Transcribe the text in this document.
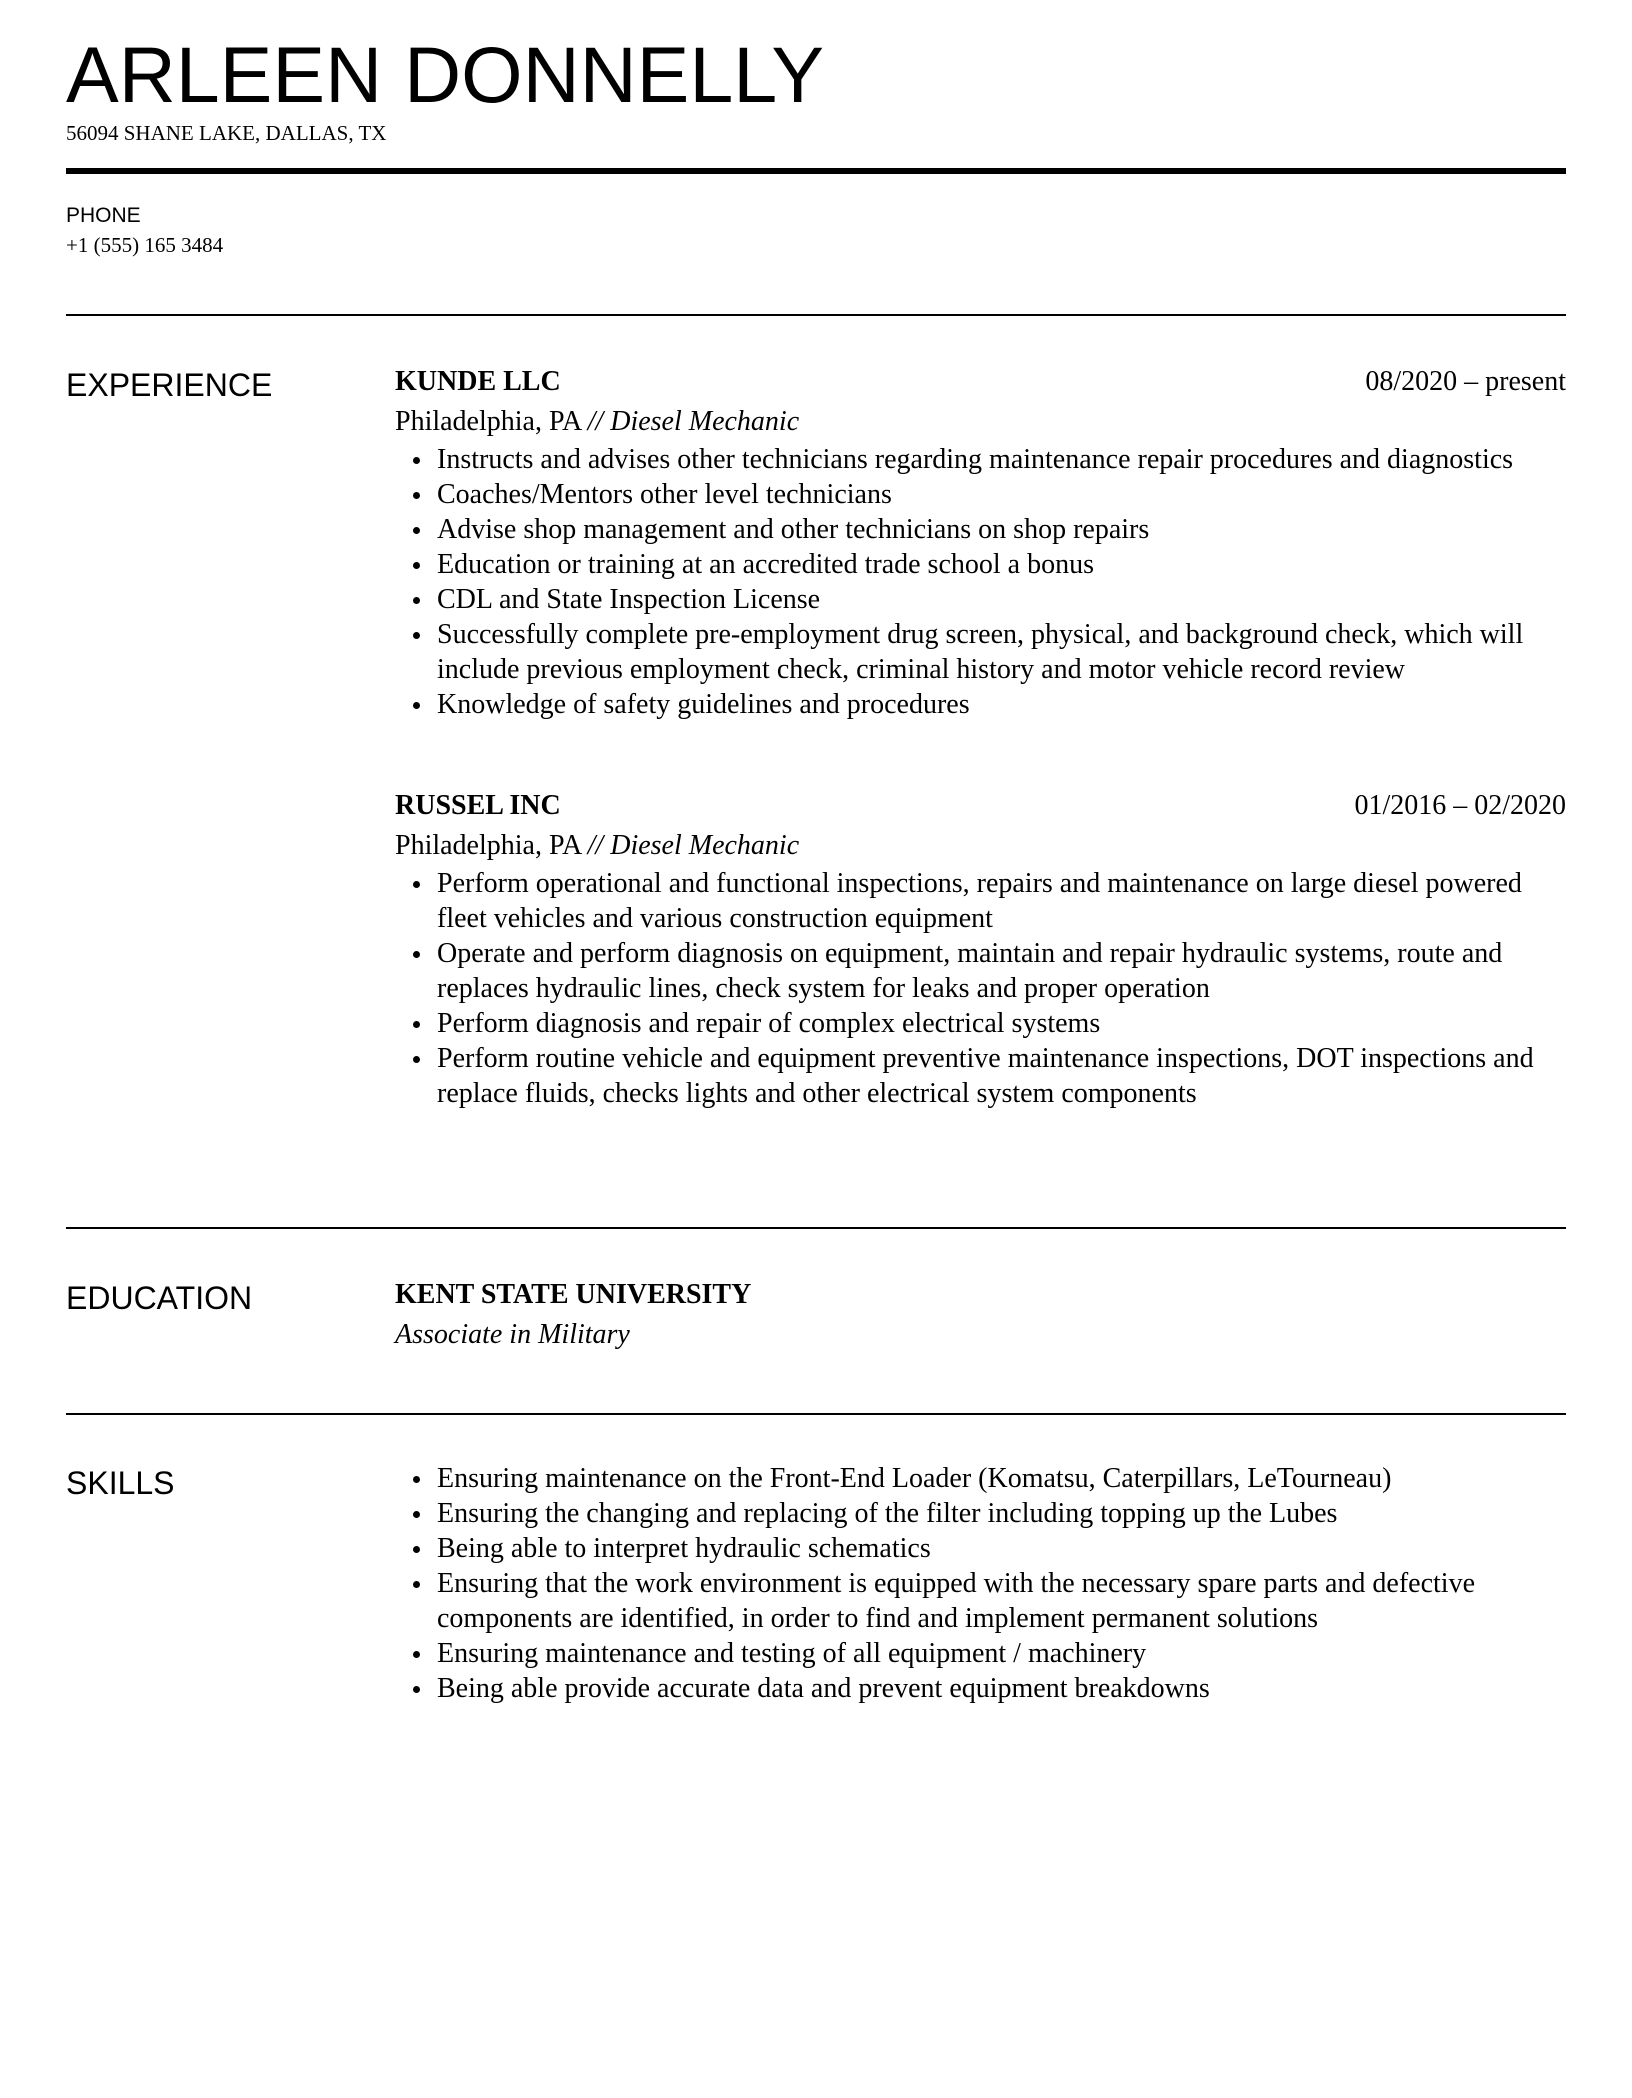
ARLEEN DONNELLY
56094 SHANE LAKE, DALLAS, TX
PHONE
+1 (555) 165 3484
EXPERIENCE	KUNDE LLC	08/2020 – present
Philadelphia, PA // Diesel Mechanic
Instructs and advises other technicians regarding maintenance repair procedures and diagnostics
Coaches/Mentors other level technicians
Advise shop management and other technicians on shop repairs
Education or training at an accredited trade school a bonus
CDL and State Inspection License
Successfully complete pre-employment drug screen, physical, and background check, which will include previous employment check, criminal history and motor vehicle record review
Knowledge of safety guidelines and procedures
RUSSEL INC	01/2016 – 02/2020
Philadelphia, PA // Diesel Mechanic
Perform operational and functional inspections, repairs and maintenance on large diesel powered fleet vehicles and various construction equipment
Operate and perform diagnosis on equipment, maintain and repair hydraulic systems, route and replaces hydraulic lines, check system for leaks and proper operation
Perform diagnosis and repair of complex electrical systems
Perform routine vehicle and equipment preventive maintenance inspections, DOT inspections and replace fluids, checks lights and other electrical system components
EDUCATION	KENT STATE UNIVERSITY
Associate in Military
SKILLS	Ensuring maintenance on the Front-End Loader (Komatsu, Caterpillars, LeTourneau)
Ensuring the changing and replacing of the filter including topping up the Lubes
Being able to interpret hydraulic schematics
Ensuring that the work environment is equipped with the necessary spare parts and defective components are identified, in order to find and implement permanent solutions
Ensuring maintenance and testing of all equipment / machinery
Being able provide accurate data and prevent equipment breakdowns
